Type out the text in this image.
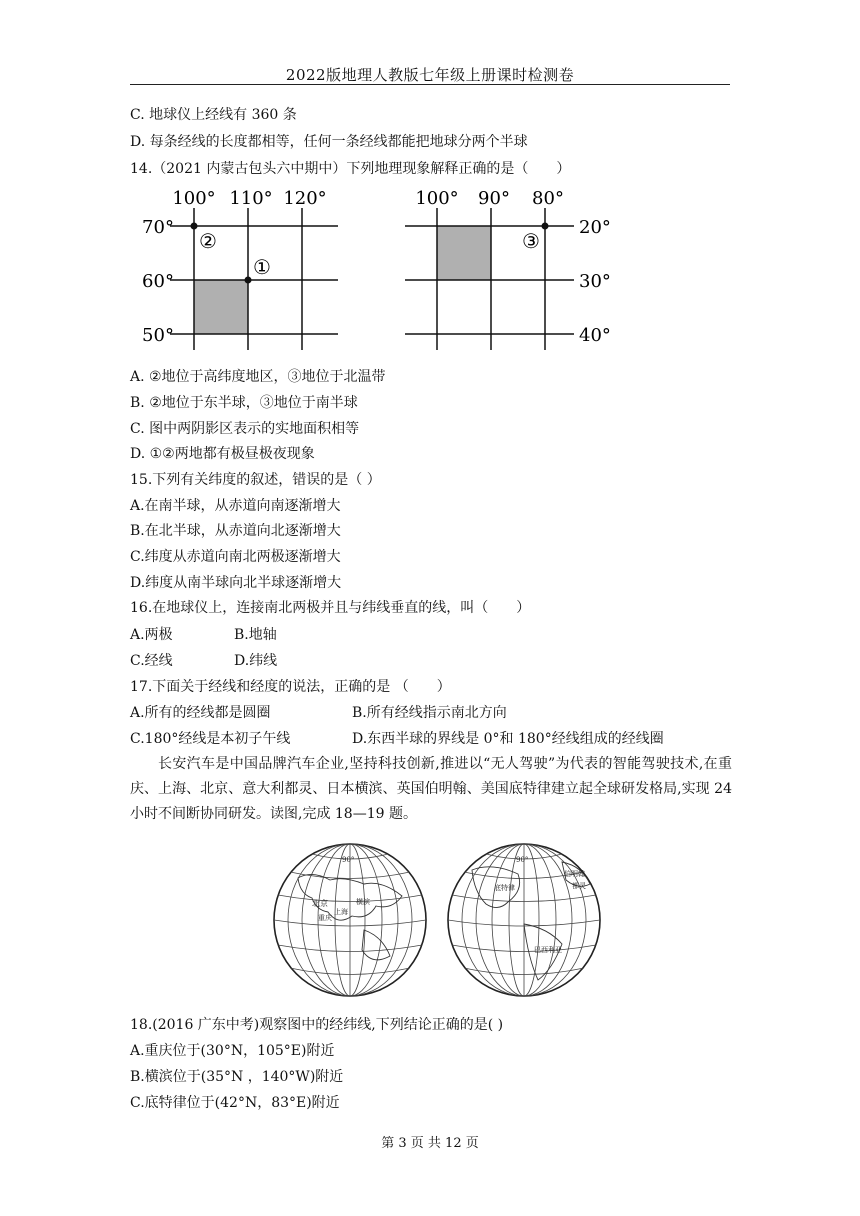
2022版地理人教版七年级上册课时检测卷
C. 地球仪上经线有 360 条
D. 每条经线的长度都相等，任何一条经线都能把地球分两个半球
14.（2021 内蒙古包头六中期中）下列地理现象解释正确的是（　　）
100° 110° 120°
70°
60°
50°
②
①
100° 90° 80°
20°
30°
40°
③
A. ②地位于高纬度地区，③地位于北温带
B. ②地位于东半球，③地位于南半球
C. 图中两阴影区表示的实地面积相等
D. ①②两地都有极昼极夜现象
15.下列有关纬度的叙述，错误的是（ ）
A.在南半球，从赤道向南逐渐增大
B.在北半球，从赤道向北逐渐增大
C.纬度从赤道向南北两极逐渐增大
D.纬度从南半球向北半球逐渐增大
16.在地球仪上，连接南北两极并且与纬线垂直的线，叫（　　）
A.两极	B.地轴
C.经线	D.纬线
17.下面关于经线和经度的说法，正确的是 （　　）
A.所有的经线都是圆圈	B.所有经线指示南北方向
C.180°经线是本初子午线	D.东西半球的界线是 0°和 180°经线组成的经线圈
长安汽车是中国品牌汽车企业,坚持科技创新,推进以“无人驾驶”为代表的智能驾驶技术,在重庆、上海、北京、意大利都灵、日本横滨、英国伯明翰、美国底特律建立起全球研发格局,实现 24 小时不间断协同研发。读图,完成 18—19 题。
90°
北京
上海
重庆
横滨
90°
伯明翰
底特律	都灵
巴西利亚
18.(2016 广东中考)观察图中的经纬线,下列结论正确的是( )
A.重庆位于(30°N，105°E)附近
B.横滨位于(35°N ，140°W)附近
C.底特律位于(42°N，83°E)附近
第 3 页 共 12 页
